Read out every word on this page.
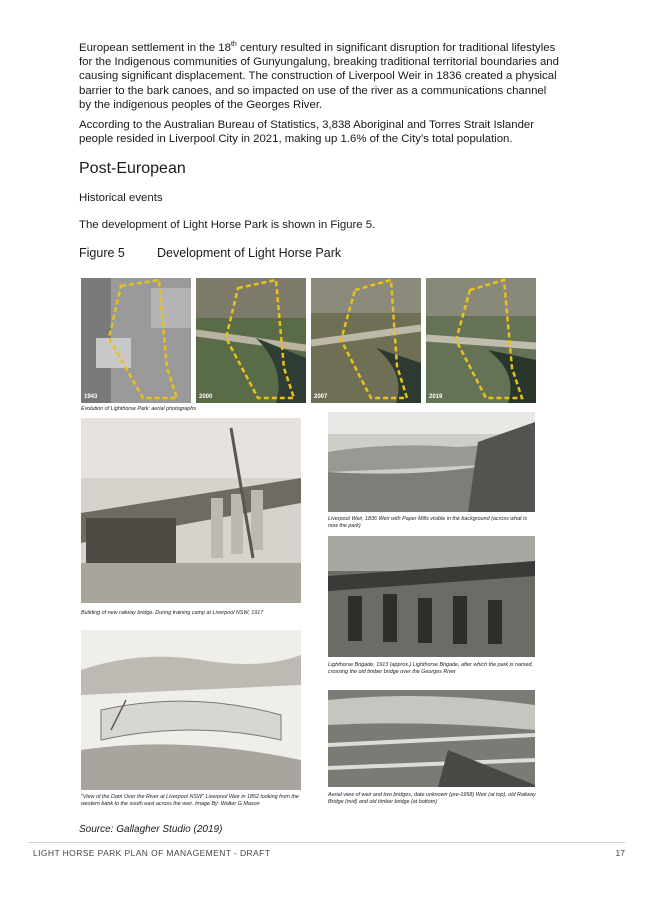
European settlement in the 18th century resulted in significant disruption for traditional lifestyles for the Indigenous communities of Gunyungalung, breaking traditional territorial boundaries and causing significant displacement. The construction of Liverpool Weir in 1836 created a physical barrier to the bark canoes, and so impacted on use of the river as a communications channel by the indigenous peoples of the Georges River.

According to the Australian Bureau of Statistics, 3,838 Aboriginal and Torres Strait Islander people resided in Liverpool City in 2021, making up 1.6% of the City’s total population.

Post-European

Historical events

The development of Light Horse Park is shown in Figure 5.

Figure 5	Development of Light Horse Park

1943	2000	2007	2019

Evolution of Lighthorse Park: aerial photographs

Building of new railway bridge. During training camp at Liverpool NSW, 1917

Liverpool Weir, 1836 Weir with Paper Mills visible in the background (across what is now the park)

Lighthorse Brigade, 1913 (approx.) Lighthorse Brigade, after which the park is named, crossing the old timber bridge over the Georges River

"View of the Dam Over the River at Liverpool NSW" Liverpool Weir in 1852 looking from the western bank to the south east across the weir. Image By: Walter G Mason

Aerial view of weir and two bridges, date unknown (pre-1958) Weir (at top), old Railway Bridge (mid) and old timber bridge (at bottom)

Source: Gallagher Studio (2019)

LIGHT HORSE PARK PLAN OF MANAGEMENT - DRAFT	17
